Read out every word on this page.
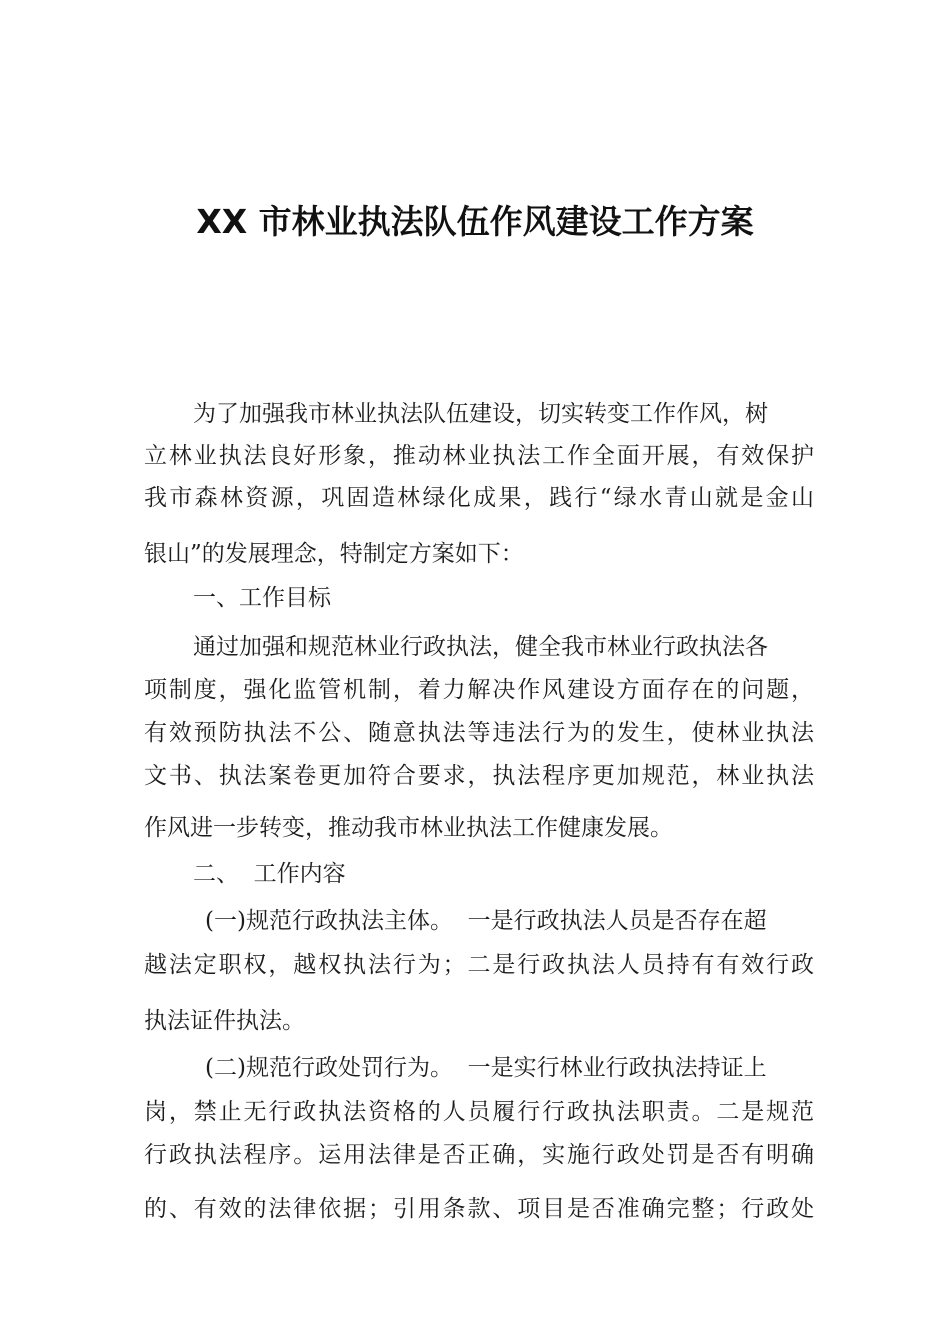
XX 市林业执法队伍作风建设工作方案
为了加强我市林业执法队伍建设，切实转变工作作风，树
立林业执法良好形象，推动林业执法工作全面开展，有效保护
我市森林资源，巩固造林绿化成果，践行“绿水青山就是金山
银山”的发展理念，特制定方案如下：
一、工作目标
通过加强和规范林业行政执法，健全我市林业行政执法各
项制度，强化监管机制，着力解决作风建设方面存在的问题，
有效预防执法不公、随意执法等违法行为的发生，使林业执法
文书、执法案卷更加符合要求，执法程序更加规范，林业执法
作风进一步转变，推动我市林业执法工作健康发展。
二、  工作内容
(一)规范行政执法主体。  一是行政执法人员是否存在超
越法定职权，越权执法行为；二是行政执法人员持有有效行政
执法证件执法。
(二)规范行政处罚行为。  一是实行林业行政执法持证上
岗，禁止无行政执法资格的人员履行行政执法职责。二是规范
行政执法程序。运用法律是否正确，实施行政处罚是否有明确
的、有效的法律依据；引用条款、项目是否准确完整；行政处
